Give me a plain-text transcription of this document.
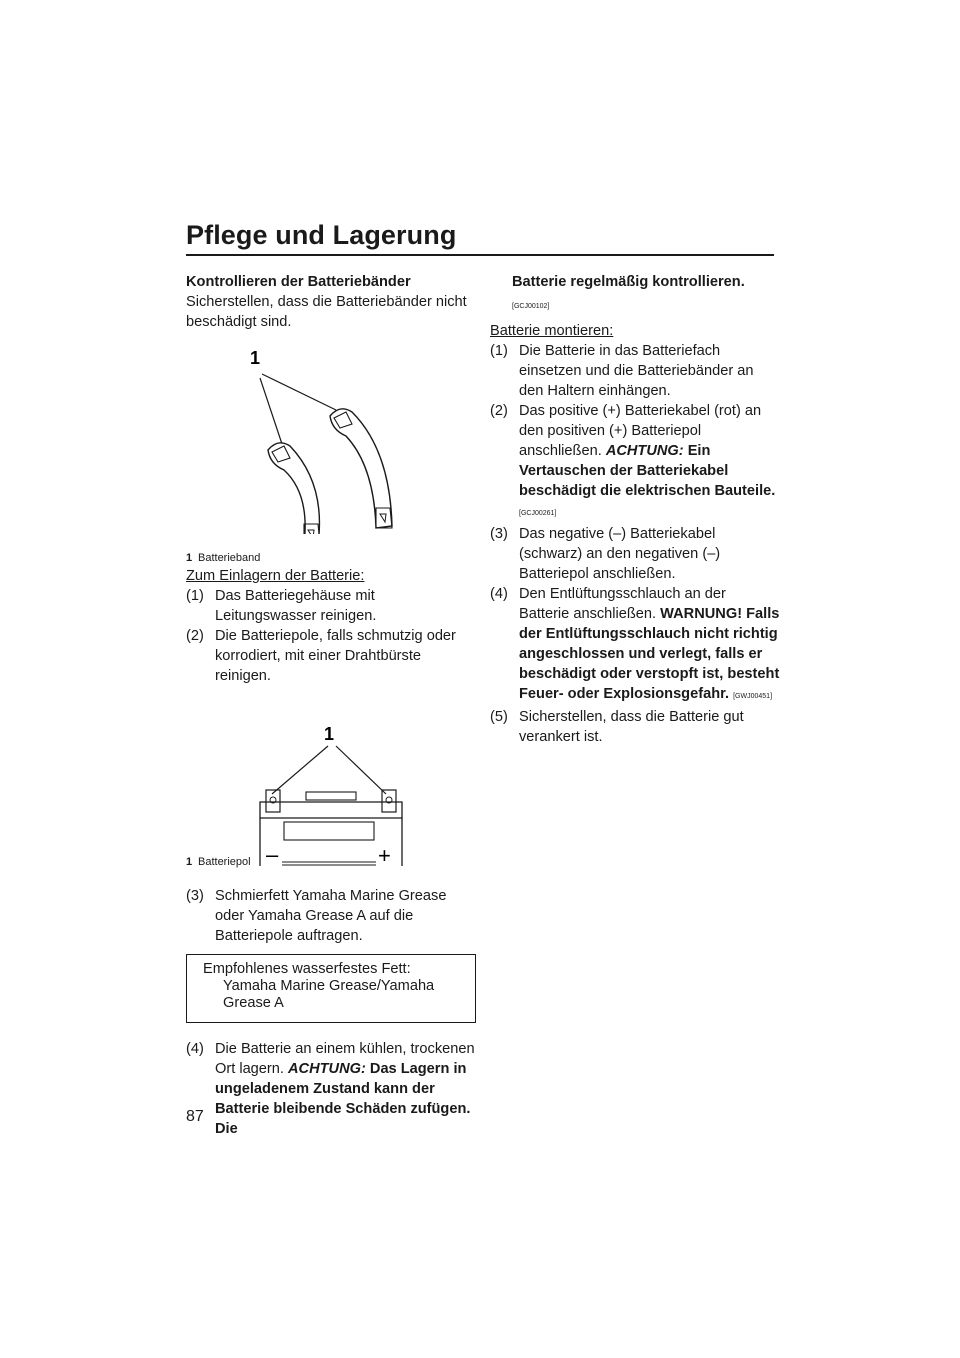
Pflege und Lagerung

Kontrollieren der Batteriebänder

Sicherstellen, dass die Batteriebänder nicht beschädigt sind.

1
1 Batterieband

Zum Einlagern der Batterie:

(1) Das Batteriegehäuse mit Leitungswasser reinigen.
(2) Die Batteriepole, falls schmutzig oder korrodiert, mit einer Drahtbürste reinigen.
1
–	+
1 Batteriepol
(3) Schmierfett Yamaha Marine Grease oder Yamaha Grease A auf die Batteriepole auftragen.
Empfohlenes wasserfestes Fett:
Yamaha Marine Grease/Yamaha Grease A
(4) Die Batterie an einem kühlen, trockenen Ort lagern. ACHTUNG: Das Lagern in ungeladenem Zustand kann der Batterie bleibende Schäden zufügen. Die
Batterie regelmäßig kontrollieren.
[GCJ00102]

Batterie montieren:

(1) Die Batterie in das Batteriefach einsetzen und die Batteriebänder an den Haltern einhängen.
(2) Das positive (+) Batteriekabel (rot) an den positiven (+) Batteriepol anschließen. ACHTUNG: Ein Vertauschen der Batteriekabel beschädigt die elektrischen Bauteile. [GCJ00261]
(3) Das negative (–) Batteriekabel (schwarz) an den negativen (–) Batteriepol anschließen.
(4) Den Entlüftungsschlauch an der Batterie anschließen. WARNUNG! Falls der Entlüftungsschlauch nicht richtig angeschlossen und verlegt, falls er beschädigt oder verstopft ist, besteht Feuer- oder Explosionsgefahr. [GWJ00451]
(5) Sicherstellen, dass die Batterie gut verankert ist.
87
